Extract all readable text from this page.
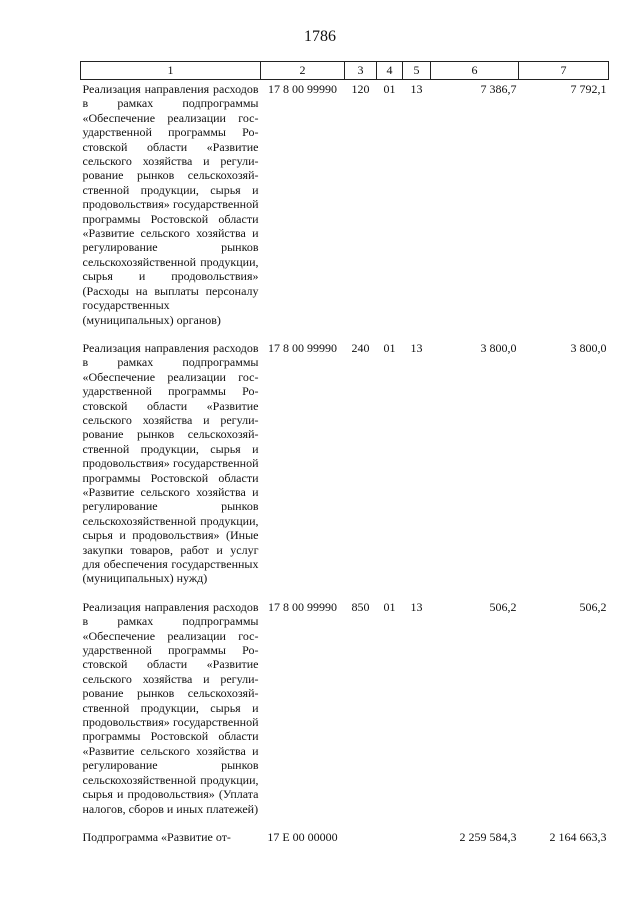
1786
1	2	3	4	5	6	7
Реализация направления расходов в рамках подпрограммы «Обеспечение реализации государственной программы Ростовской области «Развитие сельского хозяйства и регулирование рынков сельскохозяйственной продукции, сырья и продовольствия» государственной программы Ростовской области «Развитие сельского хозяйства и регулирование рынков сельскохозяйственной продукции, сырья и продовольствия» (Расходы на выплаты персоналу государственных (муниципальных) органов)	17 8 00 99990	120	01	13	7 386,7	7 792,1
Реализация направления расходов в рамках подпрограммы «Обеспечение реализации государственной программы Ростовской области «Развитие сельского хозяйства и регулирование рынков сельскохозяйственной продукции, сырья и продовольствия» государственной программы Ростовской области «Развитие сельского хозяйства и регулирование рынков сельскохозяйственной продукции, сырья и продовольствия» (Иные закупки товаров, работ и услуг для обеспечения государственных (муниципальных) нужд)	17 8 00 99990	240	01	13	3 800,0	3 800,0
Реализация направления расходов в рамках подпрограммы «Обеспечение реализации государственной программы Ростовской области «Развитие сельского хозяйства и регулирование рынков сельскохозяйственной продукции, сырья и продовольствия» государственной программы Ростовской области «Развитие сельского хозяйства и регулирование рынков сельскохозяйственной продукции, сырья и продовольствия» (Уплата налогов, сборов и иных платежей)	17 8 00 99990	850	01	13	506,2	506,2
Подпрограмма «Развитие от-	17 Е 00 00000				2 259 584,3	2 164 663,3
